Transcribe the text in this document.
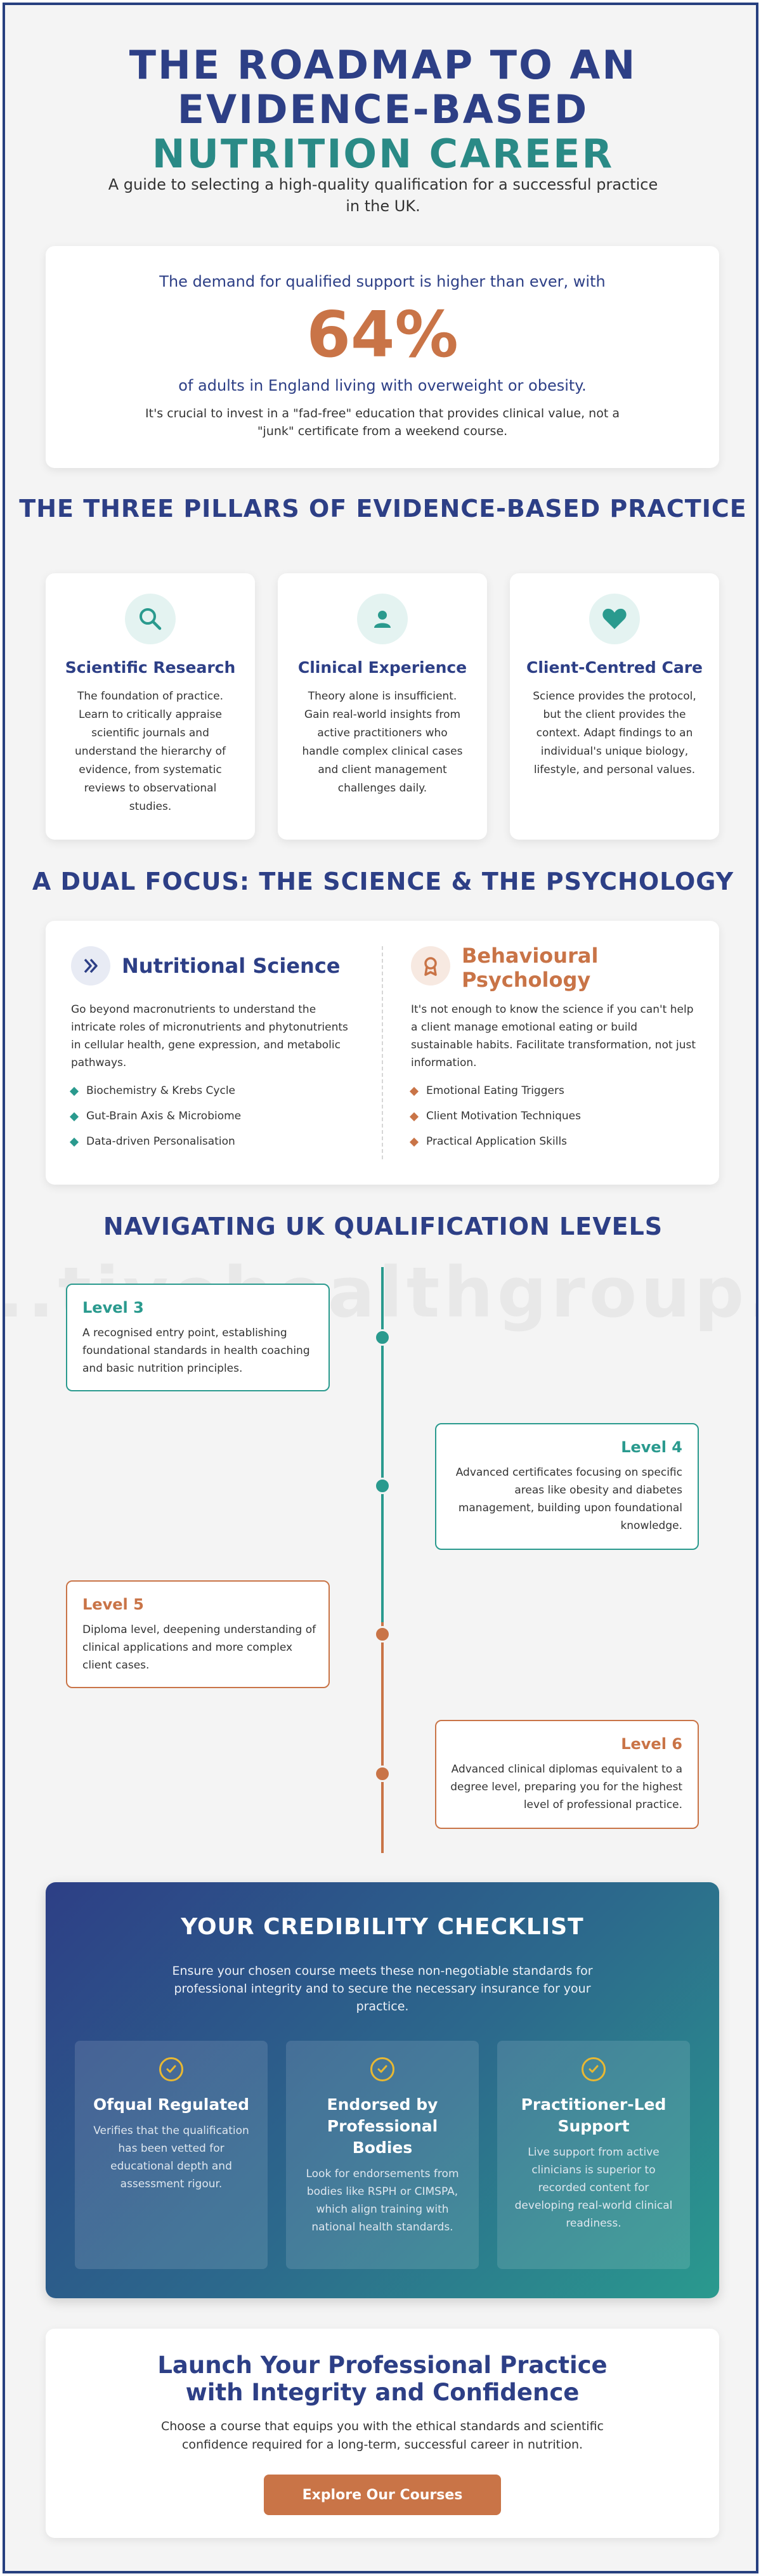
THE ROADMAP TO AN
EVIDENCE-BASED
NUTRITION CAREER

A guide to selecting a high-quality qualification for a successful practice in the UK.

The demand for qualified support is higher than ever, with
64%
of adults in England living with overweight or obesity.
It's crucial to invest in a "fad-free" education that provides clinical value, not a "junk" certificate from a weekend course.
THE THREE PILLARS OF EVIDENCE-BASED PRACTICE
Scientific Research
The foundation of practice. Learn to critically appraise scientific journals and understand the hierarchy of evidence, from systematic reviews to observational studies.
Clinical Experience
Theory alone is insufficient. Gain real-world insights from active practitioners who handle complex clinical cases and client management challenges daily.
Client-Centred Care
Science provides the protocol, but the client provides the context. Adapt findings to an individual's unique biology, lifestyle, and personal values.
A DUAL FOCUS: THE SCIENCE & THE PSYCHOLOGY
Nutritional Science
Go beyond macronutrients to understand the intricate roles of micronutrients and phytonutrients in cellular health, gene expression, and metabolic pathways.
Biochemistry & Krebs Cycle
Gut-Brain Axis & Microbiome
Data-driven Personalisation
Behavioural
Psychology
It's not enough to know the science if you can't help a client manage emotional eating or build sustainable habits. Facilitate transformation, not just information.
Emotional Eating Triggers
Client Motivation Techniques
Practical Application Skills
NAVIGATING UK QUALIFICATION LEVELS
Level 3
A recognised entry point, establishing foundational standards in health coaching and basic nutrition principles.
Level 4
Advanced certificates focusing on specific areas like obesity and diabetes management, building upon foundational knowledge.
Level 5
Diploma level, deepening understanding of clinical applications and more complex client cases.
Level 6
Advanced clinical diplomas equivalent to a degree level, preparing you for the highest level of professional practice.
YOUR CREDIBILITY CHECKLIST

Ensure your chosen course meets these non-negotiable standards for professional integrity and to secure the necessary insurance for your practice.

Ofqual Regulated
Verifies that the qualification has been vetted for educational depth and assessment rigour.
Endorsed by
Professional
Bodies
Look for endorsements from bodies like RSPH or CIMSPA, which align training with national health standards.
Practitioner-Led
Support
Live support from active clinicians is superior to recorded content for developing real-world clinical readiness.
Launch Your Professional Practice
with Integrity and Confidence

Choose a course that equips you with the ethical standards and scientific confidence required for a long-term, successful career in nutrition.

Explore Our Courses
